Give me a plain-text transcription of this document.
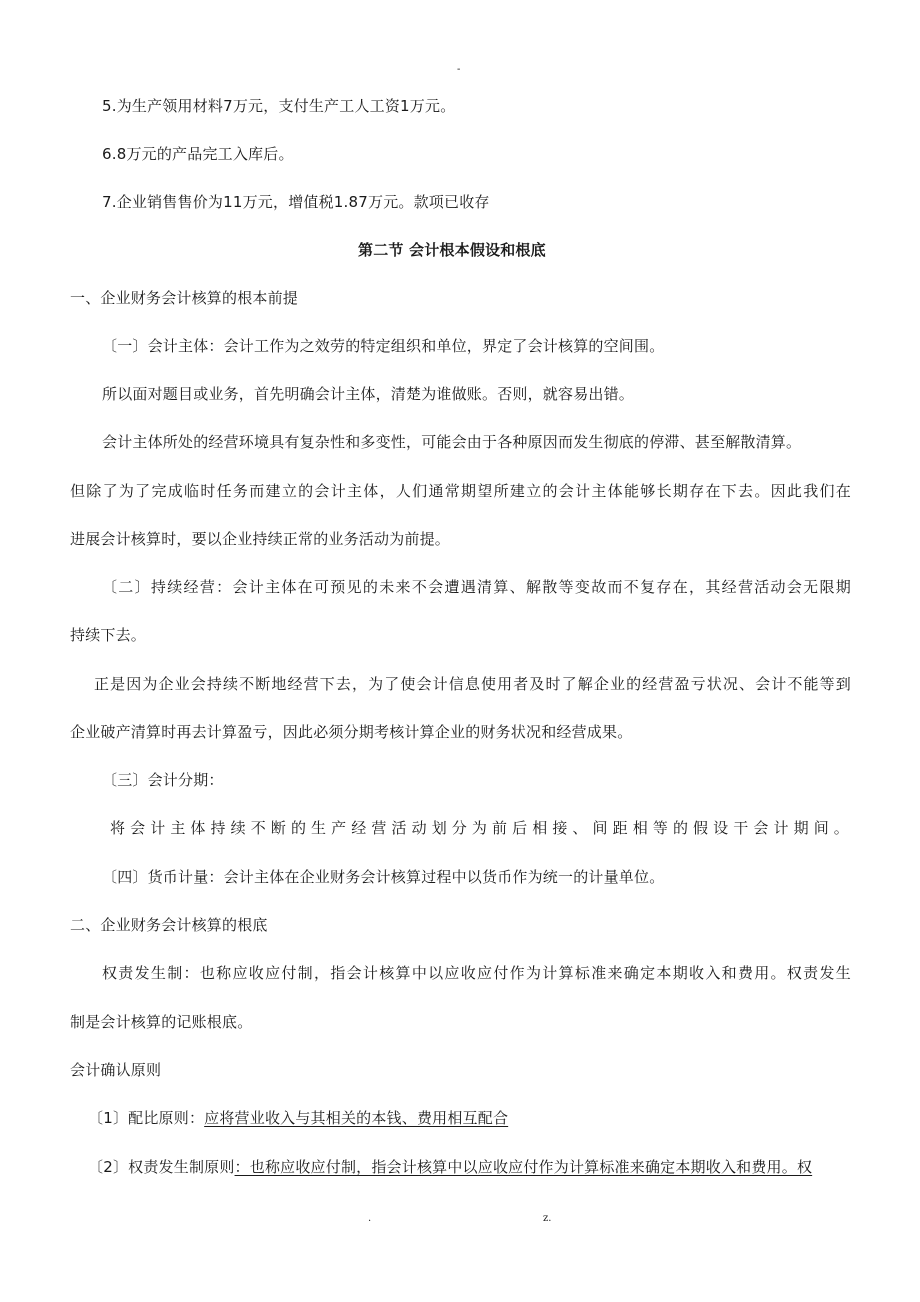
-
5.为生产领用材料7万元，支付生产工人工资1万元。
6.8万元的产品完工入库后。
7.企业销售售价为11万元，增值税1.87万元。款项已收存
第二节 会计根本假设和根底
一、企业财务会计核算的根本前提
〔一〕会计主体：会计工作为之效劳的特定组织和单位，界定了会计核算的空间围。
所以面对题目或业务，首先明确会计主体，清楚为谁做账。否则，就容易出错。
会计主体所处的经营环境具有复杂性和多变性，可能会由于各种原因而发生彻底的停滞、甚至解散清算。
但除了为了完成临时任务而建立的会计主体，人们通常期望所建立的会计主体能够长期存在下去。因此我们在
进展会计核算时，要以企业持续正常的业务活动为前提。
〔二〕持续经营：会计主体在可预见的未来不会遭遇清算、解散等变故而不复存在，其经营活动会无限期
持续下去。
正是因为企业会持续不断地经营下去，为了使会计信息使用者及时了解企业的经营盈亏状况、会计不能等到
企业破产清算时再去计算盈亏，因此必须分期考核计算企业的财务状况和经营成果。
〔三〕会计分期：
将会计主体持续不断的生产经营活动划分为前后相接、间距相等的假设干会计期间。
〔四〕货币计量：会计主体在企业财务会计核算过程中以货币作为统一的计量单位。
二、企业财务会计核算的根底
权责发生制：也称应收应付制，指会计核算中以应收应付作为计算标准来确定本期收入和费用。权责发生
制是会计核算的记账根底。
会计确认原则
〔1〕配比原则：应将营业收入与其相关的本钱、费用相互配合
〔2〕权责发生制原则：也称应收应付制，指会计核算中以应收应付作为计算标准来确定本期收入和费用。权
.	z.
